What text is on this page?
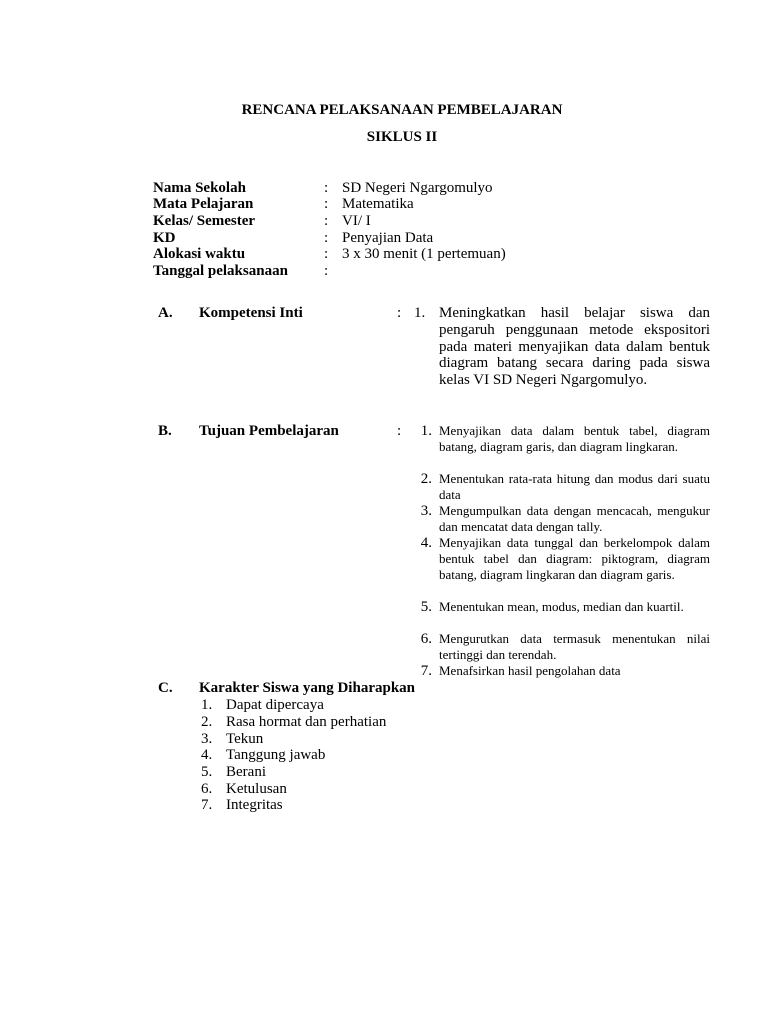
RENCANA PELAKSANAAN PEMBELAJARAN
SIKLUS II
Nama Sekolah	: SD Negeri Ngargomulyo
Mata Pelajaran	: Matematika
Kelas/ Semester	: VI/ I
KD	: Penyajian Data
Alokasi waktu	: 3 x 30 menit (1 pertemuan)
Tanggal pelaksanaan :
A. Kompetensi Inti	: 1. Meningkatkan hasil belajar siswa dan pengaruh penggunaan metode ekspositori pada materi menyajikan data dalam bentuk diagram batang secara daring pada siswa kelas VI SD Negeri Ngargomulyo.
B. Tujuan Pembelajaran	:	1. Menyajikan data dalam bentuk tabel, diagram batang, diagram garis, dan diagram lingkaran.
2. Menentukan rata-rata hitung dan modus dari suatu data
3. Mengumpulkan data dengan mencacah, mengukur dan mencatat data dengan tally.
4. Menyajikan data tunggal dan berkelompok dalam bentuk tabel dan diagram: piktogram, diagram batang, diagram lingkaran dan diagram garis.
5. Menentukan mean, modus, median dan kuartil.
6. Mengurutkan data termasuk menentukan nilai tertinggi dan terendah.
7. Menafsirkan hasil pengolahan data
C. Karakter Siswa yang Diharapkan
1. Dapat dipercaya
2. Rasa hormat dan perhatian
3. Tekun
4. Tanggung jawab
5. Berani
6. Ketulusan
7. Integritas
